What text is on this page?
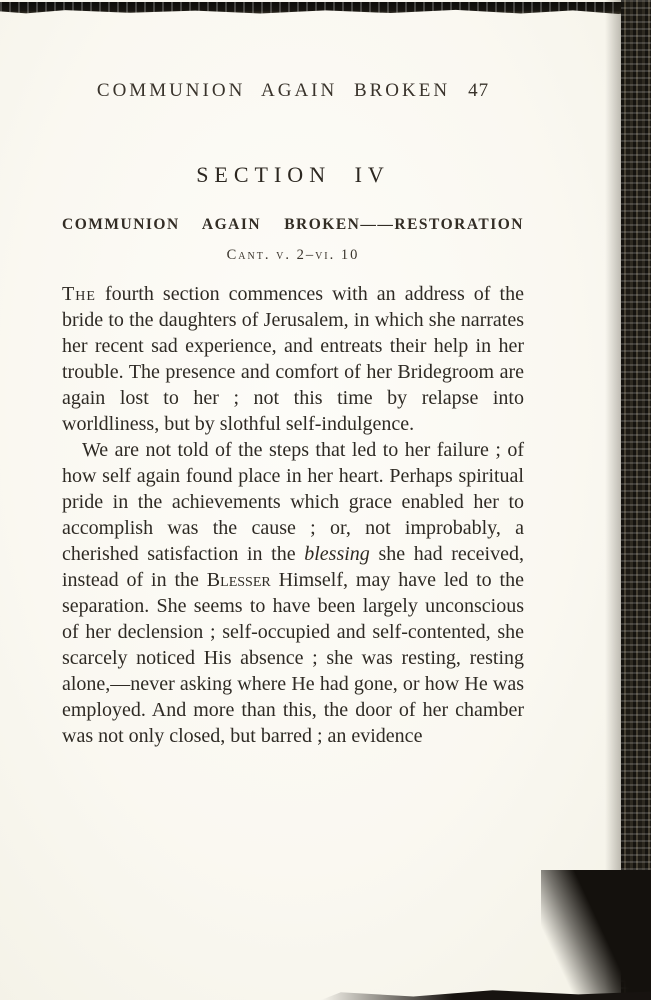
COMMUNION AGAIN BROKEN 47
SECTION IV
COMMUNION AGAIN BROKEN——RESTORATION
Cant. v. 2–vi. 10

The fourth section commences with an address of the bride to the daughters of Jerusalem, in which she narrates her recent sad experience, and entreats their help in her trouble. The presence and comfort of her Bridegroom are again lost to her ; not this time by relapse into worldliness, but by slothful self-indulgence.

We are not told of the steps that led to her failure ; of how self again found place in her heart. Perhaps spiritual pride in the achievements which grace enabled her to accomplish was the cause ; or, not improbably, a cherished satisfaction in the blessing she had received, instead of in the Blesser Himself, may have led to the separation. She seems to have been largely unconscious of her declension ; self-occupied and self-contented, she scarcely noticed His absence ; she was resting, resting alone,—never asking where He had gone, or how He was employed. And more than this, the door of her chamber was not only closed, but barred ; an evidence
